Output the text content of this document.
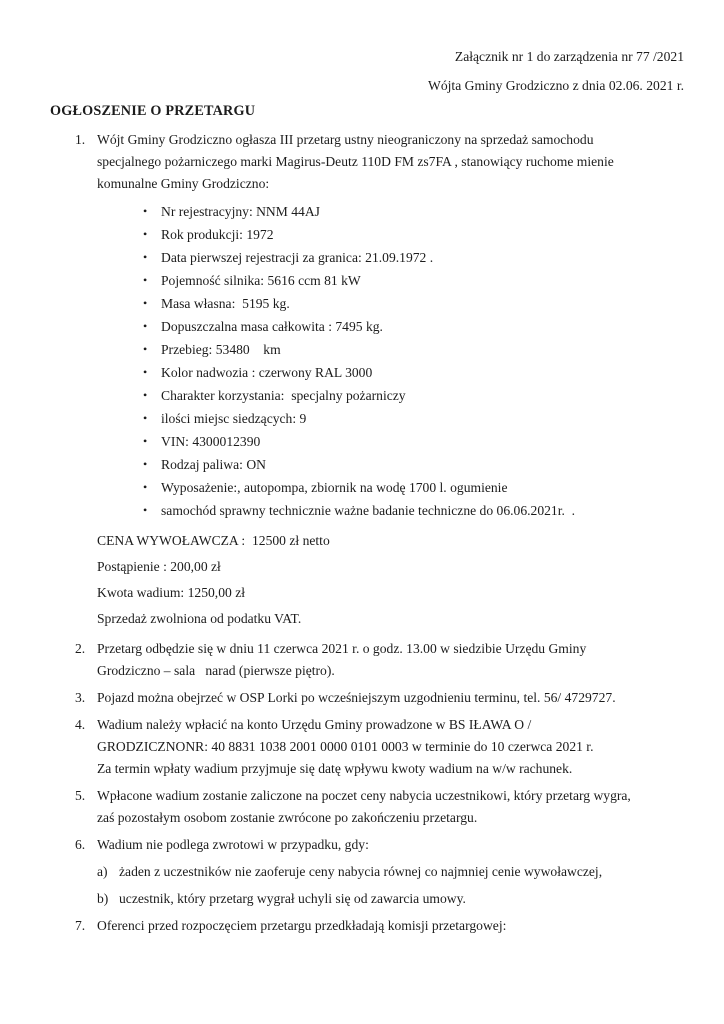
Załącznik nr 1 do zarządzenia nr 77 /2021
Wójta Gminy Grodziczno z dnia 02.06. 2021 r.
OGŁOSZENIE O PRZETARGU
1. Wójt Gminy Grodziczno ogłasza III przetarg ustny nieograniczony na sprzedaż samochodu
specjalnego pożarniczego marki Magirus-Deutz 110D FM zs7FA , stanowiący ruchome mienie
komunalne Gminy Grodziczno:
•	Nr rejestracyjny: NNM 44AJ
•	Rok produkcji: 1972
•	Data pierwszej rejestracji za granica: 21.09.1972 .
•	Pojemność silnika: 5616 ccm 81 kW
•	Masa własna:  5195 kg.
•	Dopuszczalna masa całkowita : 7495 kg.
•	Przebieg: 53480    km
•	Kolor nadwozia : czerwony RAL 3000
•	Charakter korzystania:  specjalny pożarniczy
•	ilości miejsc siedzących: 9
•	VIN: 4300012390
•	Rodzaj paliwa: ON
•	Wyposażenie:, autopompa, zbiornik na wodę 1700 l. ogumienie
•	samochód sprawny technicznie ważne badanie techniczne do 06.06.2021r.  .
CENA WYWOŁAWCZA :  12500 zł netto
Postąpienie : 200,00 zł
Kwota wadium: 1250,00 zł
Sprzedaż zwolniona od podatku VAT.
2. Przetarg odbędzie się w dniu 11 czerwca 2021 r. o godz. 13.00 w siedzibie Urzędu Gminy
Grodziczno – sala   narad (pierwsze piętro).
3. Pojazd można obejrzeć w OSP Lorki po wcześniejszym uzgodnieniu terminu, tel. 56/ 4729727.
4. Wadium należy wpłacić na konto Urzędu Gminy prowadzone w BS IŁAWA O /
GRODZICZNONR: 40 8831 1038 2001 0000 0101 0003 w terminie do 10 czerwca 2021 r.
Za termin wpłaty wadium przyjmuje się datę wpływu kwoty wadium na w/w rachunek.
5. Wpłacone wadium zostanie zaliczone na poczet ceny nabycia uczestnikowi, który przetarg wygra,
zaś pozostałym osobom zostanie zwrócone po zakończeniu przetargu.
6. Wadium nie podlega zwrotowi w przypadku, gdy:
a) żaden z uczestników nie zaoferuje ceny nabycia równej co najmniej cenie wywoławczej,
b) uczestnik, który przetarg wygrał uchyli się od zawarcia umowy.
7. Oferenci przed rozpoczęciem przetargu przedkładają komisji przetargowej:
